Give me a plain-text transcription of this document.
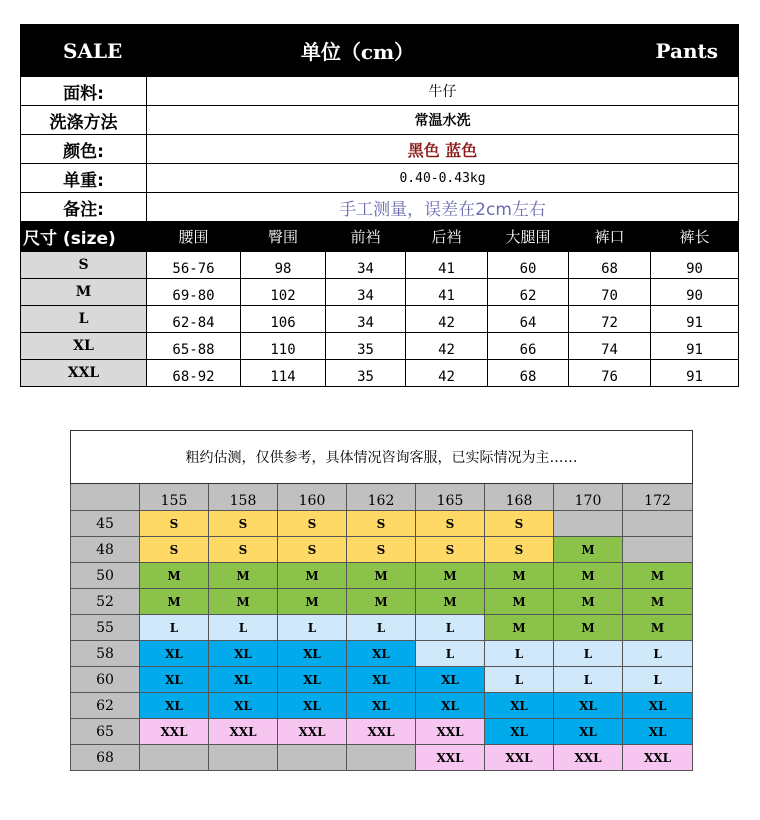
SALE	单位（cm）					Pants	
面料:	牛仔						
洗涤方法	常温水洗						
颜色:	黑色 蓝色						
单重:	0.40-0.43kg						
备注:	手工测量，误差在2cm左右						
尺寸 (size)	腰围	臀围	前裆	后裆	大腿围	裤口	裤长
S	56-76	98	34	41	60	68	90
M	69-80	102	34	41	62	70	90
L	62-84	106	34	42	64	72	91
XL	65-88	110	35	42	66	74	91
XXL	68-92	114	35	42	68	76	91
粗约估测，仅供参考，具体情况咨询客服，已实际情况为主……								
	155	158	160	162	165	168	170	172
45	S	S	S	S	S	S		
48	S	S	S	S	S	S	M	
50	M	M	M	M	M	M	M	M
52	M	M	M	M	M	M	M	M
55	L	L	L	L	L	M	M	M
58	XL	XL	XL	XL	L	L	L	L
60	XL	XL	XL	XL	XL	L	L	L
62	XL	XL	XL	XL	XL	XL	XL	XL
65	XXL	XXL	XXL	XXL	XXL	XL	XL	XL
68					XXL	XXL	XXL	XXL
